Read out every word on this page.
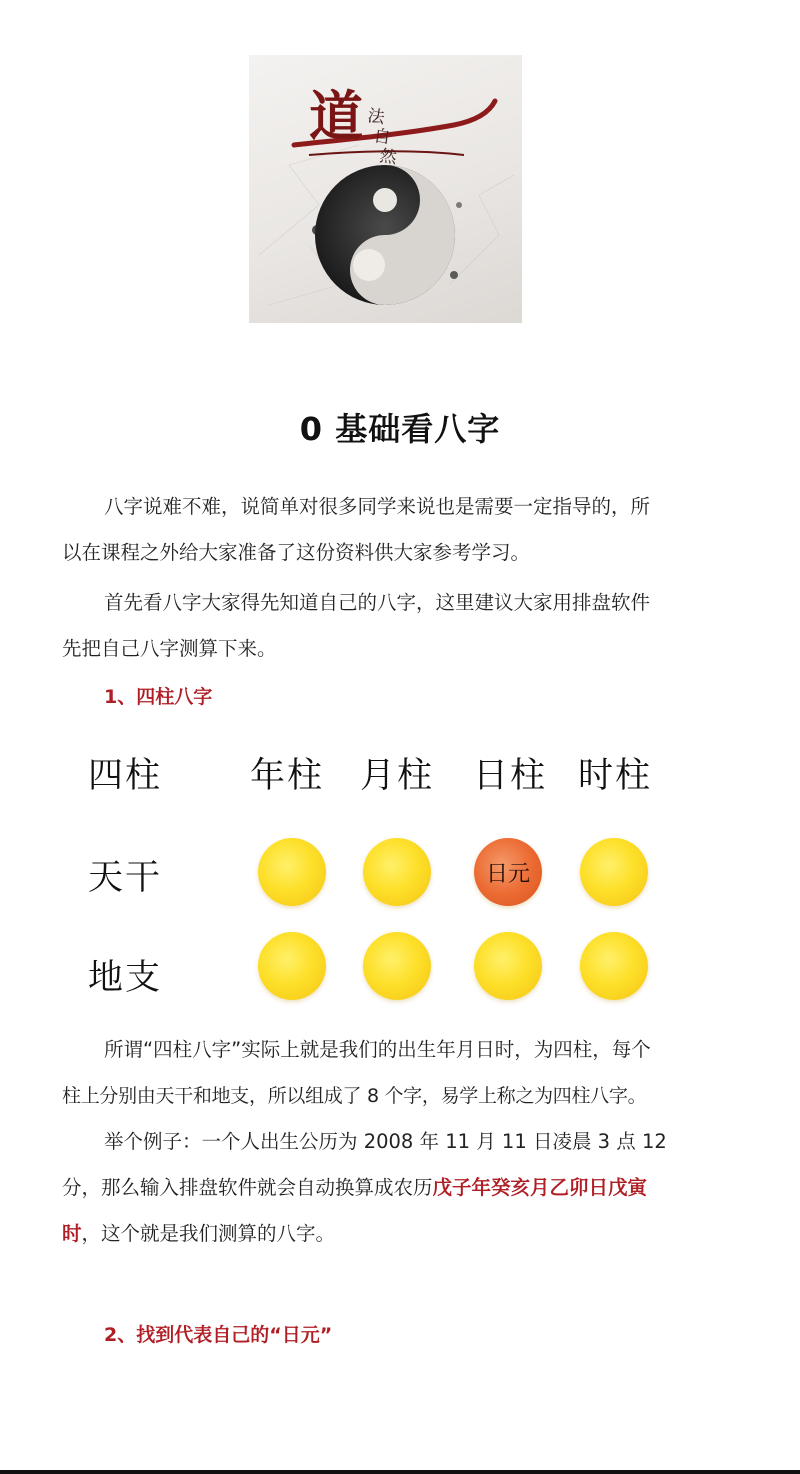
道 法
自
然
0 基础看八字
八字说难不难，说简单对很多同学来说也是需要一定指导的，所
以在课程之外给大家准备了这份资料供大家参考学习。
首先看八字大家得先知道自己的八字，这里建议大家用排盘软件
先把自己八字测算下来。
1、四柱八字
四柱	年柱 月柱 日柱 时柱
天干
地支
日元
所谓“四柱八字”实际上就是我们的出生年月日时，为四柱，每个
柱上分别由天干和地支，所以组成了 8 个字，易学上称之为四柱八字。
举个例子：一个人出生公历为 2008 年 11 月 11 日凌晨 3 点 12
分，那么输入排盘软件就会自动换算成农历戊子年癸亥月乙卯日戊寅
时，这个就是我们测算的八字。
2、找到代表自己的“日元”
